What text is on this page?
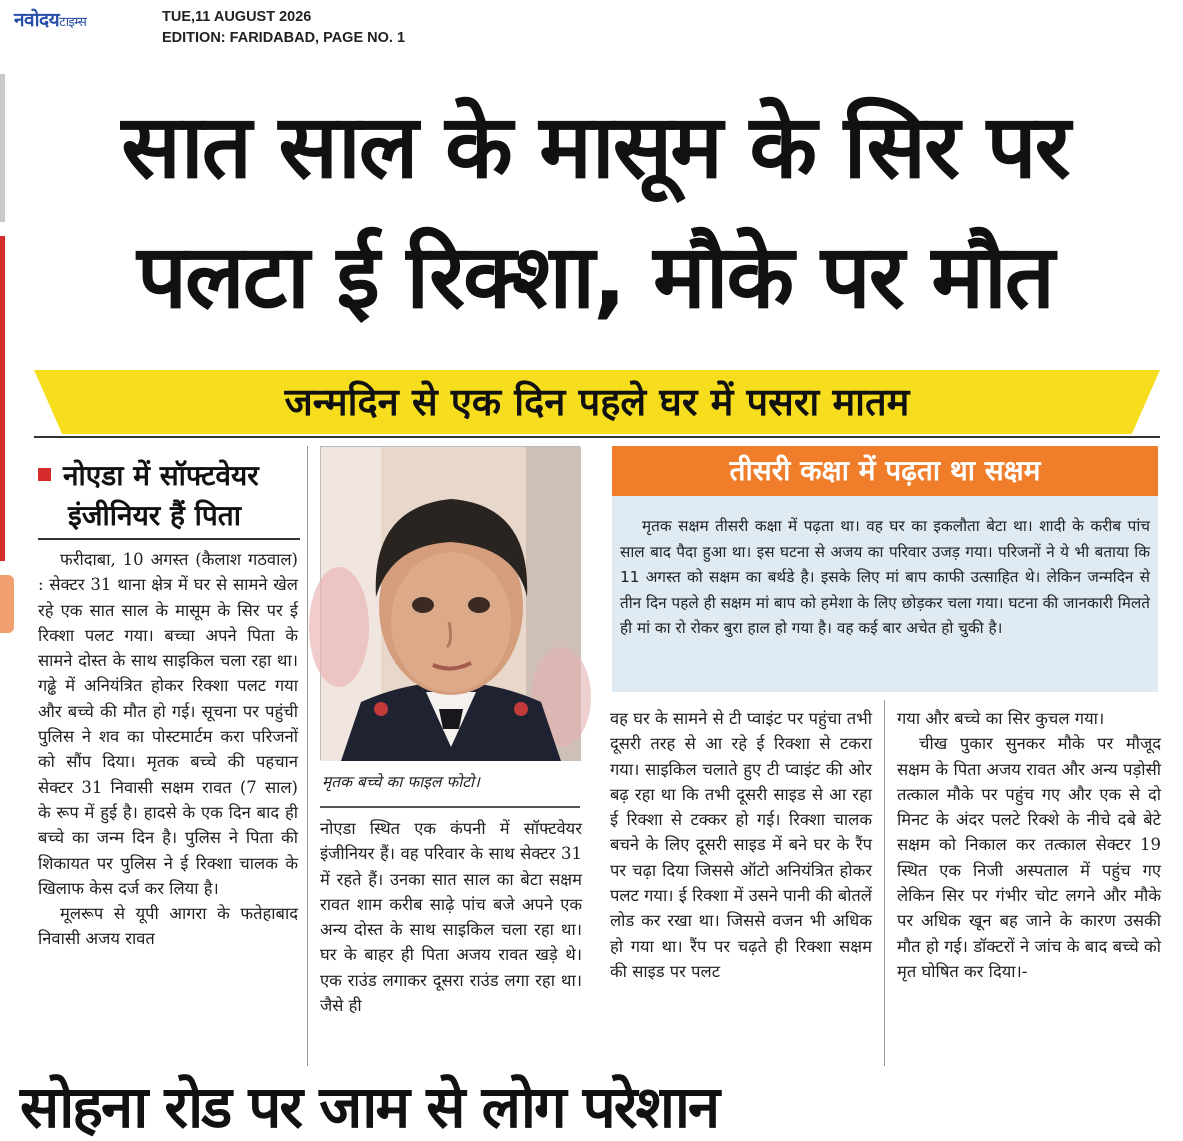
नवोदयटाइम्स	TUE,11 AUGUST 2026
EDITION: FARIDABAD, PAGE NO. 1
सात साल के मासूम के सिर पर
पलटा ई रिक्शा, मौके पर मौत
जन्मदिन से एक दिन पहले घर में पसरा मातम
नोएडा में सॉफ्टवेयर
इंजीनियर हैं पिता

फरीदाबा, 10 अगस्त (कैलाश गठवाल) : सेक्टर 31 थाना क्षेत्र में घर से सामने खेल रहे एक सात साल के मासूम के सिर पर ई रिक्शा पलट गया। बच्चा अपने पिता के सामने दोस्त के साथ साइकिल चला रहा था। गढ्ढे में अनियंत्रित होकर रिक्शा पलट गया और बच्चे की मौत हो गई। सूचना पर पहुंची पुलिस ने शव का पोस्टमार्टम करा परिजनों को सौंप दिया। मृतक बच्चे की पहचान सेक्टर 31 निवासी सक्षम रावत (7 साल) के रूप में हुई है। हादसे के एक दिन बाद ही बच्चे का जन्म दिन है। पुलिस ने पिता की शिकायत पर पुलिस ने ई रिक्शा चालक के खिलाफ केस दर्ज कर लिया है।

मूलरूप से यूपी आगरा के फतेहाबाद निवासी अजय रावत

मृतक बच्चे का फाइल फोटो।

नोएडा स्थित एक कंपनी में सॉफ्टवेयर इंजीनियर हैं। वह परिवार के साथ सेक्टर 31 में रहते हैं। उनका सात साल का बेटा सक्षम रावत शाम करीब साढ़े पांच बजे अपने एक अन्य दोस्त के साथ साइकिल चला रहा था। घर के बाहर ही पिता अजय रावत खड़े थे। एक राउंड लगाकर दूसरा राउंड लगा रहा था। जैसे ही

तीसरी कक्षा में पढ़ता था सक्षम

मृतक सक्षम तीसरी कक्षा में पढ़ता था। वह घर का इकलौता बेटा था। शादी के करीब पांच साल बाद पैदा हुआ था। इस घटना से अजय का परिवार उजड़ गया। परिजनों ने ये भी बताया कि 11 अगस्त को सक्षम का बर्थडे है। इसके लिए मां बाप काफी उत्साहित थे। लेकिन जन्मदिन से तीन दिन पहले ही सक्षम मां बाप को हमेशा के लिए छोड़कर चला गया। घटना की जानकारी मिलते ही मां का रो रोकर बुरा हाल हो गया है। वह कई बार अचेत हो चुकी है।

वह घर के सामने से टी प्वाइंट पर पहुंचा तभी दूसरी तरह से आ रहे ई रिक्शा से टकरा गया। साइकिल चलाते हुए टी प्वाइंट की ओर बढ़ रहा था कि तभी दूसरी साइड से आ रहा ई रिक्शा से टक्कर हो गई। रिक्शा चालक बचने के लिए दूसरी साइड में बने घर के रैंप पर चढ़ा दिया जिससे ऑटो अनियंत्रित होकर पलट गया। ई रिक्शा में उसने पानी की बोतलें लोड कर रखा था। जिससे वजन भी अधिक हो गया था। रैंप पर चढ़ते ही रिक्शा सक्षम की साइड पर पलट

गया और बच्चे का सिर कुचल गया।

चीख पुकार सुनकर मौके पर मौजूद सक्षम के पिता अजय रावत और अन्य पड़ोसी तत्काल मौके पर पहुंच गए और एक से दो मिनट के अंदर पलटे रिक्शे के नीचे दबे बेटे सक्षम को निकाल कर तत्काल सेक्टर 19 स्थित एक निजी अस्पताल में पहुंच गए लेकिन सिर पर गंभीर चोट लगने और मौके पर अधिक खून बह जाने के कारण उसकी मौत हो गई। डॉक्टरों ने जांच के बाद बच्चे को मृत घोषित कर दिया।-

सोहना रोड पर जाम से लोग परेशान
